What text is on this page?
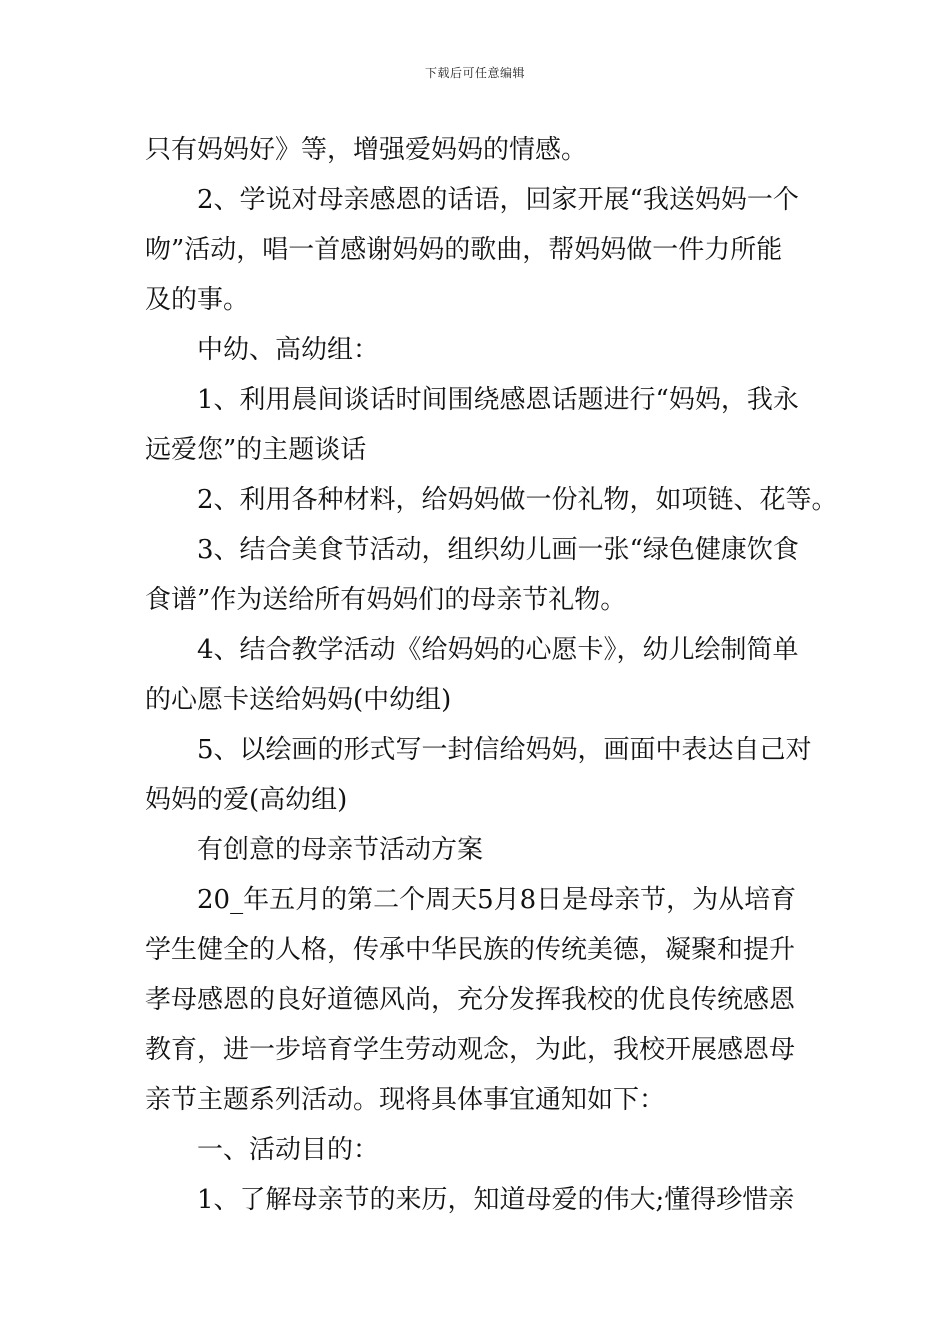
下载后可任意编辑
只有妈妈好》等，增强爱妈妈的情感。
2、学说对母亲感恩的话语，回家开展“我送妈妈一个
吻”活动，唱一首感谢妈妈的歌曲，帮妈妈做一件力所能
及的事。
中幼、高幼组：
1、利用晨间谈话时间围绕感恩话题进行“妈妈，我永
远爱您”的主题谈话
2、利用各种材料，给妈妈做一份礼物，如项链、花等。
3、结合美食节活动，组织幼儿画一张“绿色健康饮食
食谱”作为送给所有妈妈们的母亲节礼物。
4、结合教学活动《给妈妈的心愿卡》，幼儿绘制简单
的心愿卡送给妈妈(中幼组)
5、以绘画的形式写一封信给妈妈，画面中表达自己对
妈妈的爱(高幼组)
有创意的母亲节活动方案
20_年五月的第二个周天5月8日是母亲节，为从培育
学生健全的人格，传承中华民族的传统美德，凝聚和提升
孝母感恩的良好道德风尚，充分发挥我校的优良传统感恩
教育，进一步培育学生劳动观念，为此，我校开展感恩母
亲节主题系列活动。现将具体事宜通知如下：
一、活动目的：
1、了解母亲节的来历，知道母爱的伟大;懂得珍惜亲
